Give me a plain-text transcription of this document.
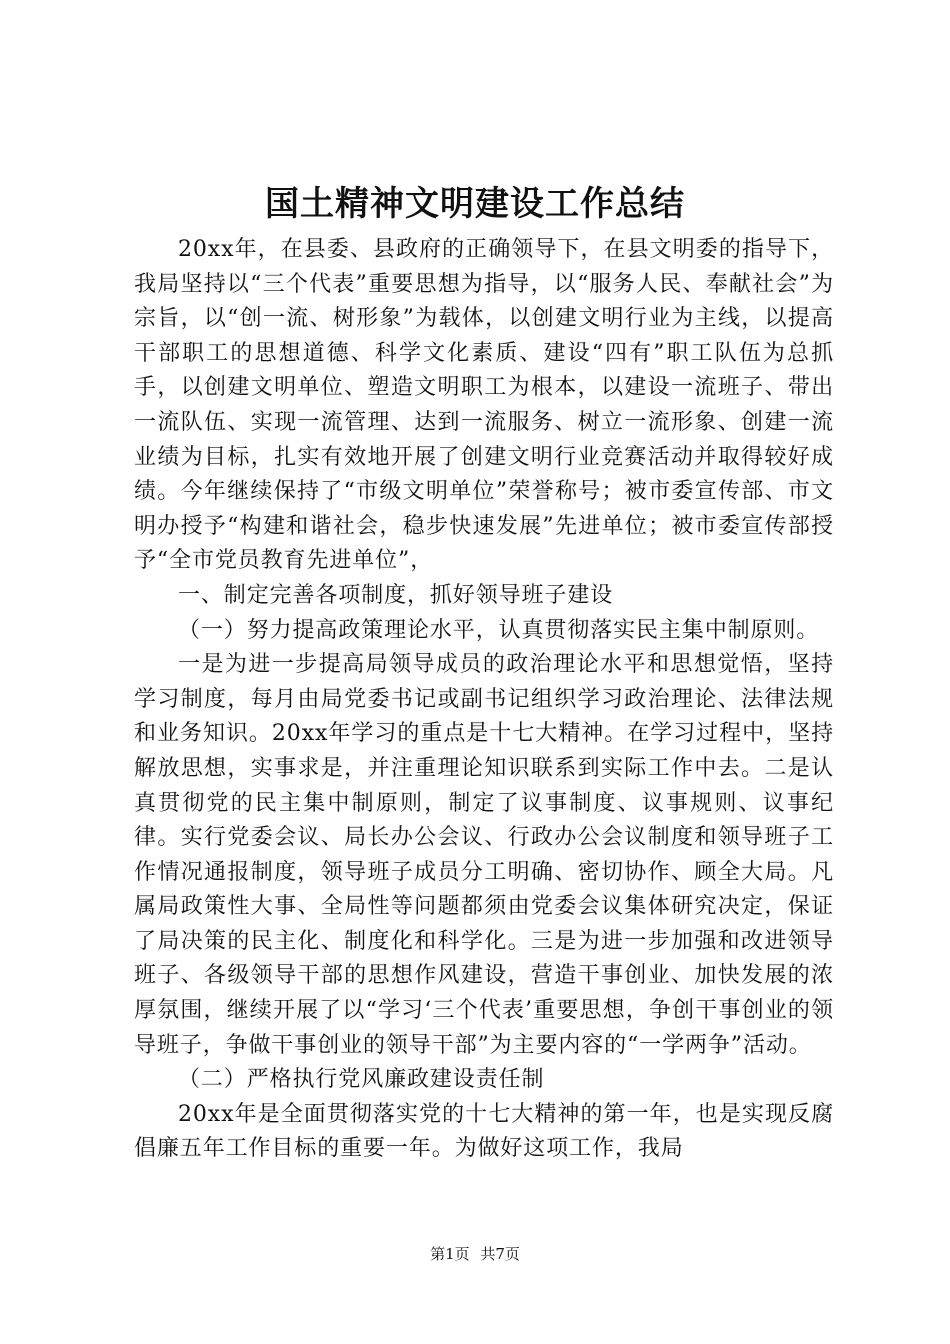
国土精神文明建设工作总结

20xx年，在县委、县政府的正确领导下，在县文明委的指导下，我局坚持以“三个代表”重要思想为指导，以“服务人民、奉献社会”为宗旨，以“创一流、树形象”为载体，以创建文明行业为主线，以提高干部职工的思想道德、科学文化素质、建设“四有”职工队伍为总抓手，以创建文明单位、塑造文明职工为根本，以建设一流班子、带出一流队伍、实现一流管理、达到一流服务、树立一流形象、创建一流业绩为目标，扎实有效地开展了创建文明行业竞赛活动并取得较好成绩。今年继续保持了“市级文明单位”荣誉称号；被市委宣传部、市文明办授予“构建和谐社会，稳步快速发展”先进单位；被市委宣传部授予“全市党员教育先进单位”，

一、制定完善各项制度，抓好领导班子建设

（一）努力提高政策理论水平，认真贯彻落实民主集中制原则。

一是为进一步提高局领导成员的政治理论水平和思想觉悟，坚持学习制度，每月由局党委书记或副书记组织学习政治理论、法律法规和业务知识。20xx年学习的重点是十七大精神。在学习过程中，坚持解放思想，实事求是，并注重理论知识联系到实际工作中去。二是认真贯彻党的民主集中制原则，制定了议事制度、议事规则、议事纪律。实行党委会议、局长办公会议、行政办公会议制度和领导班子工作情况通报制度，领导班子成员分工明确、密切协作、顾全大局。凡属局政策性大事、全局性等问题都须由党委会议集体研究决定，保证了局决策的民主化、制度化和科学化。三是为进一步加强和改进领导班子、各级领导干部的思想作风建设，营造干事创业、加快发展的浓厚氛围，继续开展了以“学习‘三个代表’重要思想，争创干事创业的领导班子，争做干事创业的领导干部”为主要内容的“一学两争”活动。

（二）严格执行党风廉政建设责任制

20xx年是全面贯彻落实党的十七大精神的第一年，也是实现反腐倡廉五年工作目标的重要一年。为做好这项工作，我局

第1页 共7页
